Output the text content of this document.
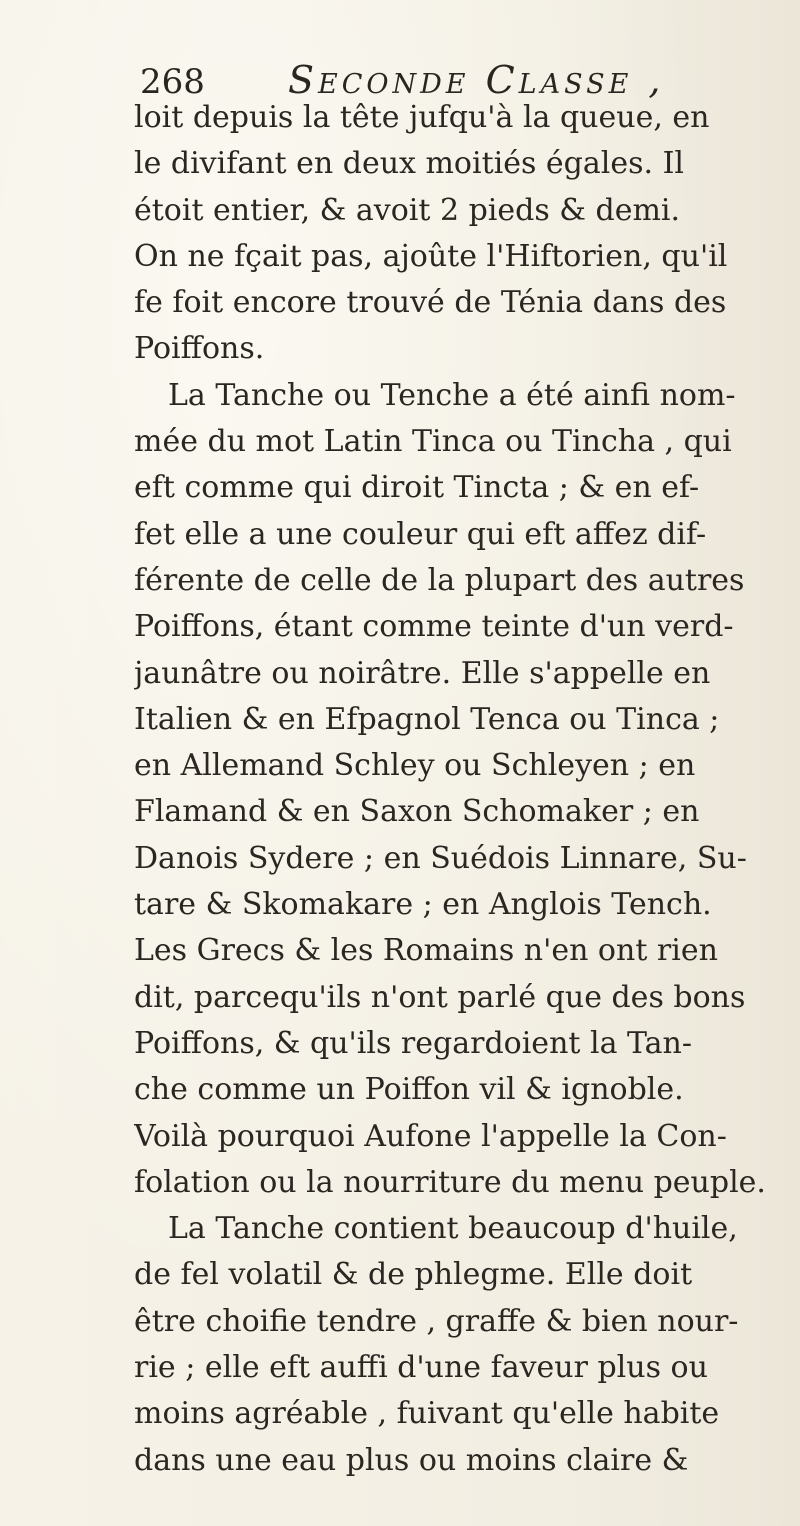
268 Seconde Classe ,
loit depuis la tête jufqu'à la queue, en
le divifant en deux moitiés égales. Il
étoit entier, & avoit 2 pieds & demi.
On ne fçait pas, ajoûte l'Hiftorien, qu'il
fe foit encore trouvé de Ténia dans des
Poiffons.
La Tanche ou Tenche a été ainfi nom-
mée du mot Latin Tinca ou Tincha , qui
eft comme qui diroit Tincta ; & en ef-
fet elle a une couleur qui eft affez dif-
férente de celle de la plupart des autres
Poiffons, étant comme teinte d'un verd-
jaunâtre ou noirâtre. Elle s'appelle en
Italien & en Efpagnol Tenca ou Tinca ;
en Allemand Schley ou Schleyen ; en
Flamand & en Saxon Schomaker ; en
Danois Sydere ; en Suédois Linnare, Su-
tare & Skomakare ; en Anglois Tench.
Les Grecs & les Romains n'en ont rien
dit, parcequ'ils n'ont parlé que des bons
Poiffons, & qu'ils regardoient la Tan-
che comme un Poiffon vil & ignoble.
Voilà pourquoi Aufone l'appelle la Con-
folation ou la nourriture du menu peuple.
La Tanche contient beaucoup d'huile,
de fel volatil & de phlegme. Elle doit
être choifie tendre , graffe & bien nour-
rie ; elle eft auffi d'une faveur plus ou
moins agréable , fuivant qu'elle habite
dans une eau plus ou moins claire &
